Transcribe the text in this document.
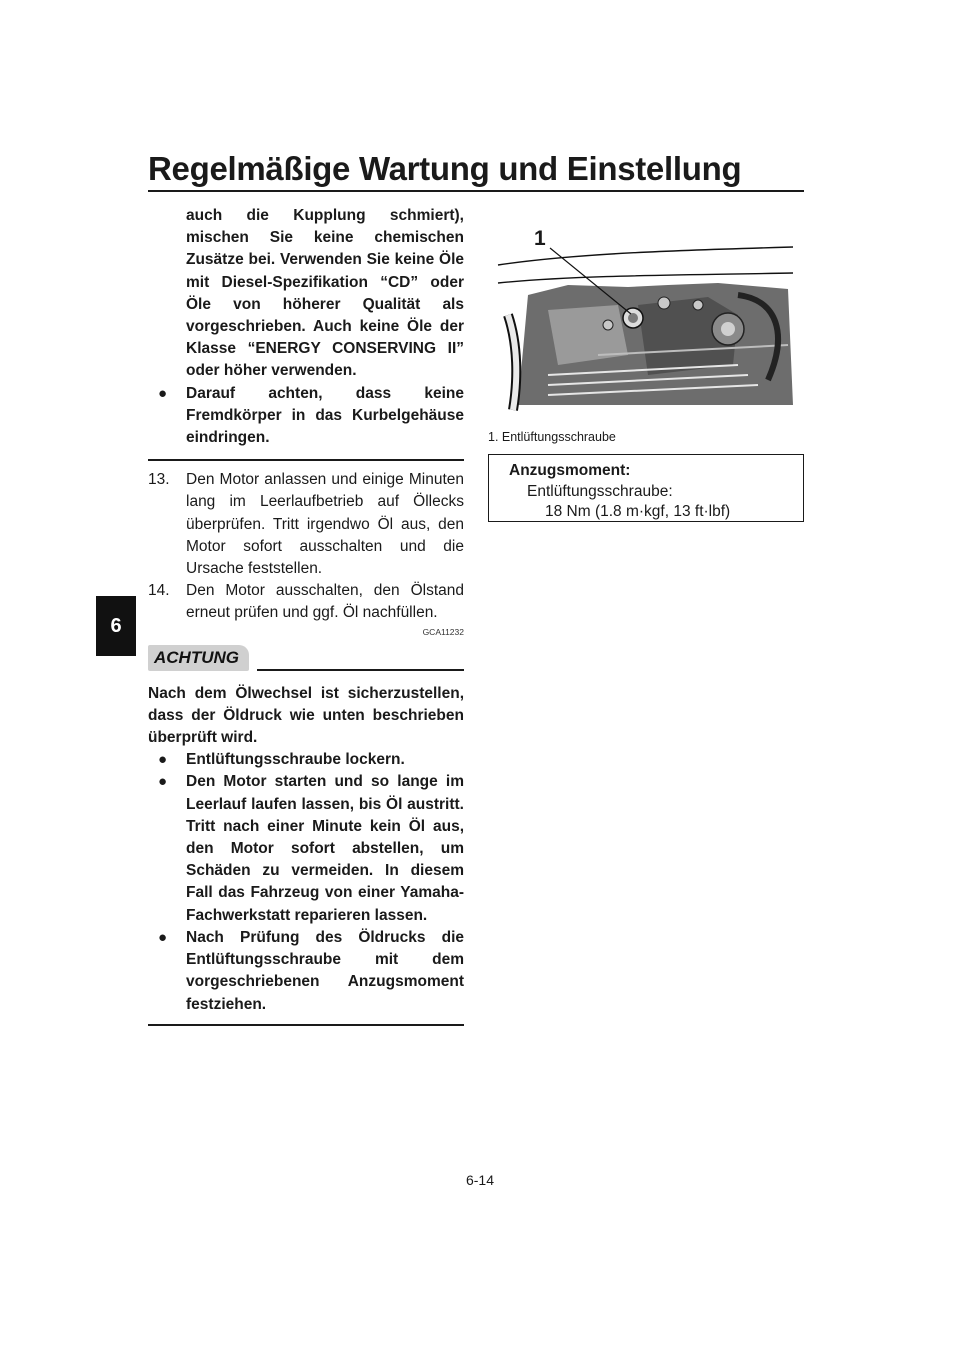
Regelmäßige Wartung und Einstellung
6

auch die Kupplung schmiert), mischen Sie keine chemischen Zusätze bei. Verwenden Sie keine Öle mit Diesel-Spezifikation “CD” oder Öle von höherer Qualität als vorgeschrieben. Auch keine Öle der Klasse “ENERGY CONSERVING II” oder höher verwenden.

●	Darauf achten, dass keine Fremdkörper in das Kurbelgehäuse eindringen.
13.	Den Motor anlassen und einige Minuten lang im Leerlaufbetrieb auf Öllecks überprüfen. Tritt irgendwo Öl aus, den Motor sofort ausschalten und die Ursache feststellen.
14.	Den Motor ausschalten, den Ölstand erneut prüfen und ggf. Öl nachfüllen.

GCA11232

ACHTUNG

Nach dem Ölwechsel ist sicherzustellen, dass der Öldruck wie unten beschrieben überprüft wird.

●	Entlüftungsschraube lockern.
●	Den Motor starten und so lange im Leerlauf laufen lassen, bis Öl austritt. Tritt nach einer Minute kein Öl aus, den Motor sofort abstellen, um Schäden zu vermeiden. In diesem Fall das Fahrzeug von einer Yamaha-Fachwerkstatt reparieren lassen.
●	Nach Prüfung des Öldrucks die Entlüftungsschraube mit dem vorgeschriebenen Anzugsmoment festziehen.
1
1. Entlüftungsschraube
Anzugsmoment:
Entlüftungsschraube:
18 Nm (1.8 m·kgf, 13 ft·lbf)
6-14
